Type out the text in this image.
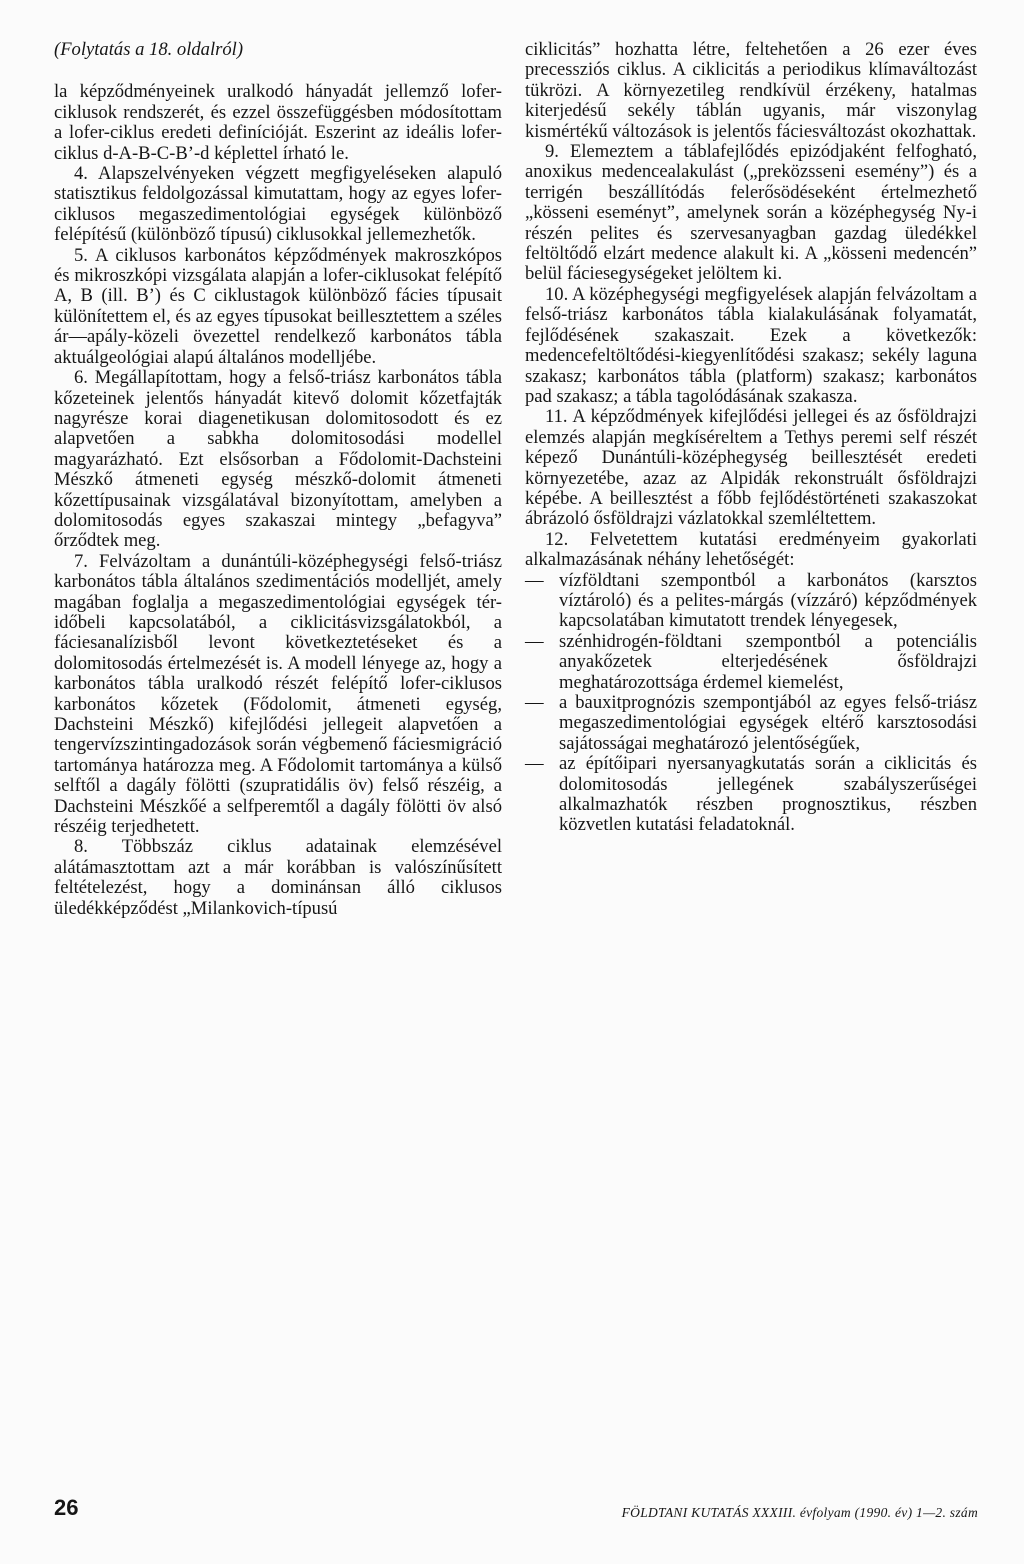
(Folytatás a 18. oldalról)

la képződményeinek uralkodó hányadát jellemző lofer-ciklusok rendszerét, és ezzel összefüggésben módosítottam a lofer-ciklus eredeti definícióját. Eszerint az ideális lofer-ciklus d-A-B-C-B’-d képlettel írható le.

4. Alapszelvényeken végzett megfigyeléseken alapuló statisztikus feldolgozással kimutattam, hogy az egyes lofer-ciklusos megaszedimentológiai egységek különböző felépítésű (különböző típusú) ciklusokkal jellemezhetők.

5. A ciklusos karbonátos képződmények makroszkópos és mikroszkópi vizsgálata alapján a lofer-ciklusokat felépítő A, B (ill. B’) és C ciklustagok különböző fácies típusait különítettem el, és az egyes típusokat beillesztettem a széles ár—apály-közeli övezettel rendelkező karbonátos tábla aktuálgeológiai alapú általános modelljébe.

6. Megállapítottam, hogy a felső-triász karbonátos tábla kőzeteinek jelentős hányadát kitevő dolomit kőzetfajták nagyrésze korai diagenetikusan dolomitosodott és ez alapvetően a sabkha dolomitosodási modellel magyarázható. Ezt elsősorban a Fődolomit-Dachsteini Mészkő átmeneti egység mészkő-dolomit átmeneti kőzettípusainak vizsgálatával bizonyítottam, amelyben a dolomitosodás egyes szakaszai mintegy „befagyva” őrződtek meg.

7. Felvázoltam a dunántúli-középhegységi felső-triász karbonátos tábla általános szedimentációs modelljét, amely magában foglalja a megaszedimentológiai egységek tér-időbeli kapcsolatából, a ciklicitásvizsgálatokból, a fáciesanalízisből levont következtetéseket és a dolomitosodás értelmezését is. A modell lényege az, hogy a karbonátos tábla uralkodó részét felépítő lofer-ciklusos karbonátos kőzetek (Fődolomit, átmeneti egység, Dachsteini Mészkő) kifejlődési jellegeit alapvetően a tengervízszintingadozások során végbemenő fáciesmigráció tartománya határozza meg. A Fődolomit tartománya a külső selftől a dagály fölötti (szupratidális öv) felső részéig, a Dachsteini Mészkőé a selfperemtől a dagály fölötti öv alsó részéig terjedhetett.

8. Többszáz ciklus adatainak elemzésével alátámasztottam azt a már korábban is valószínűsített feltételezést, hogy a dominánsan álló ciklusos üledékképződést „Milankovich-típusú

ciklicitás” hozhatta létre, feltehetően a 26 ezer éves precessziós ciklus. A ciklicitás a periodikus klímaváltozást tükrözi. A környezetileg rendkívül érzékeny, hatalmas kiterjedésű sekély táblán ugyanis, már viszonylag kismértékű változások is jelentős fáciesváltozást okozhattak.

9. Elemeztem a táblafejlődés epizódjaként felfogható, anoxikus medencealakulást („preközsseni esemény”) és a terrigén beszállítódás felerősödéseként értelmezhető „kösseni eseményt”, amelynek során a középhegység Ny-i részén pelites és szervesanyagban gazdag üledékkel feltöltődő elzárt medence alakult ki. A „kösseni medencén” belül fáciesegységeket jelöltem ki.

10. A középhegységi megfigyelések alapján felvázoltam a felső-triász karbonátos tábla kialakulásának folyamatát, fejlődésének szakaszait. Ezek a következők: medencefeltöltődési-kiegyenlítődési szakasz; sekély laguna szakasz; karbonátos tábla (platform) szakasz; karbonátos pad szakasz; a tábla tagolódásának szakasza.

11. A képződmények kifejlődési jellegei és az ősföldrajzi elemzés alapján megkíséreltem a Tethys peremi self részét képező Dunántúli-középhegység beillesztését eredeti környezetébe, azaz az Alpidák rekonstruált ősföldrajzi képébe. A beillesztést a főbb fejlődéstörténeti szakaszokat ábrázoló ősföldrajzi vázlatokkal szemléltettem.

12. Felvetettem kutatási eredményeim gyakorlati alkalmazásának néhány lehetőségét:

— vízföldtani szempontból a karbonátos (karsztos víztároló) és a pelites-márgás (vízzáró) képződmények kapcsolatában kimutatott trendek lényegesek,
— szénhidrogén-földtani szempontból a potenciális anyakőzetek elterjedésének ősföldrajzi meghatározottsága érdemel kiemelést,
— a bauxitprognózis szempontjából az egyes felső-triász megaszedimentológiai egységek eltérő karsztosodási sajátosságai meghatározó jelentőségűek,
— az építőipari nyersanyagkutatás során a ciklicitás és dolomitosodás jellegének szabályszerűségei alkalmazhatók részben prognosztikus, részben közvetlen kutatási feladatoknál.
26	FÖLDTANI KUTATÁS XXXIII. évfolyam (1990. év) 1—2. szám
